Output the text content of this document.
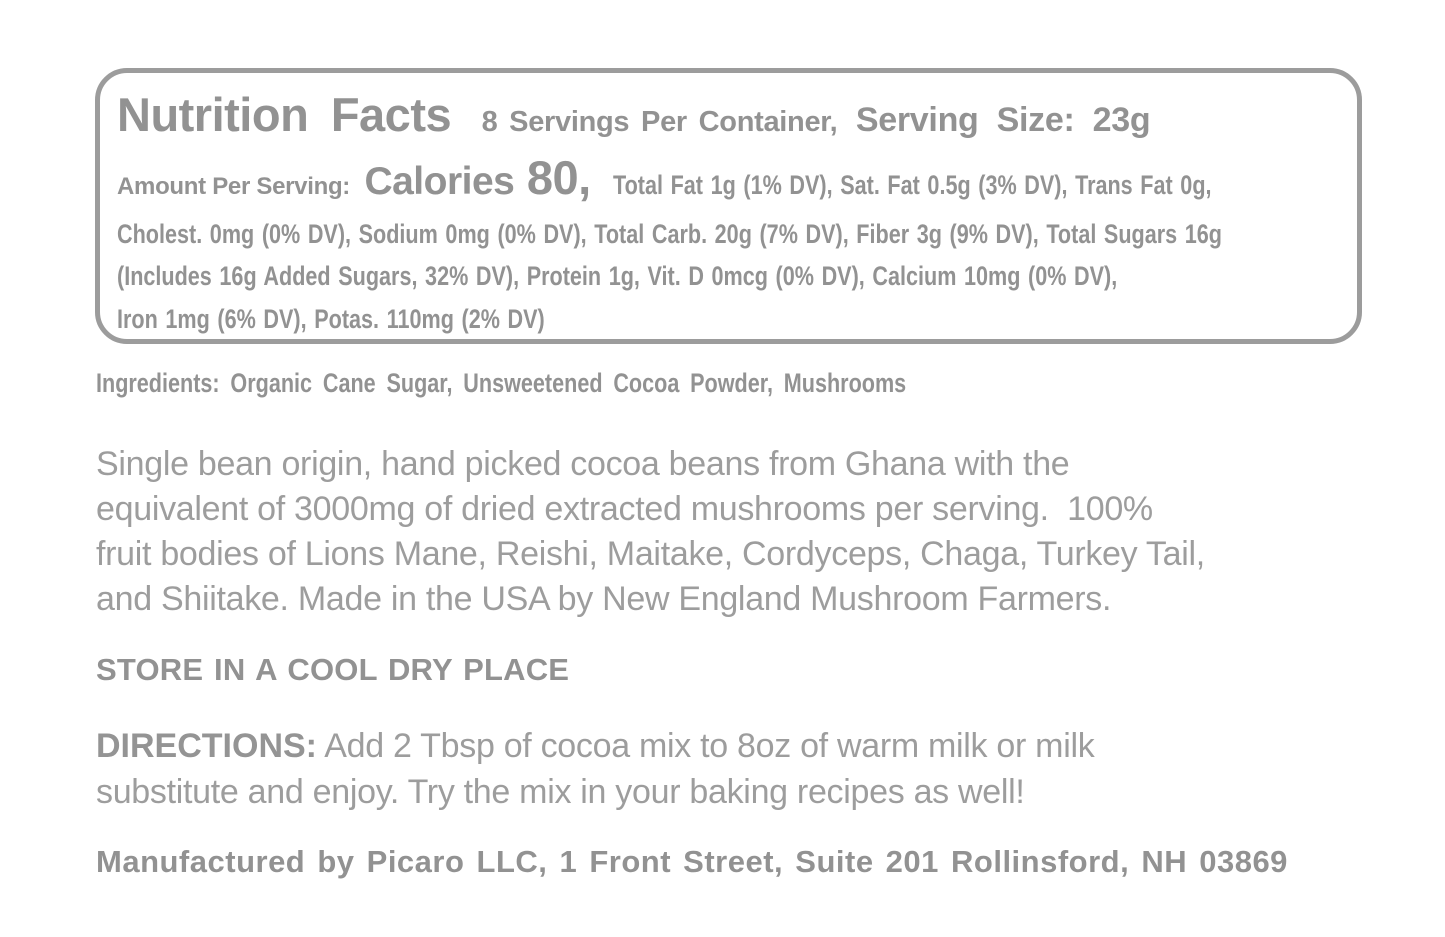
Nutrition Facts 8 Servings Per Container, Serving Size: 23g
Amount Per Serving: Calories 80, Total Fat 1g (1% DV), Sat. Fat 0.5g (3% DV), Trans Fat 0g,
Cholest. 0mg (0% DV), Sodium 0mg (0% DV), Total Carb. 20g (7% DV), Fiber 3g (9% DV), Total Sugars 16g
(Includes 16g Added Sugars, 32% DV), Protein 1g, Vit. D 0mcg (0% DV), Calcium 10mg (0% DV),
Iron 1mg (6% DV), Potas. 110mg (2% DV)

Ingredients: Organic Cane Sugar, Unsweetened Cocoa Powder, Mushrooms

Single bean origin, hand picked cocoa beans from Ghana with the
equivalent of 3000mg of dried extracted mushrooms per serving.  100%
fruit bodies of Lions Mane, Reishi, Maitake, Cordyceps, Chaga, Turkey Tail,
and Shiitake. Made in the USA by New England Mushroom Farmers.

STORE IN A COOL DRY PLACE

DIRECTIONS: Add 2 Tbsp of cocoa mix to 8oz of warm milk or milk
substitute and enjoy. Try the mix in your baking recipes as well!

Manufactured by Picaro LLC, 1 Front Street, Suite 201 Rollinsford, NH 03869
